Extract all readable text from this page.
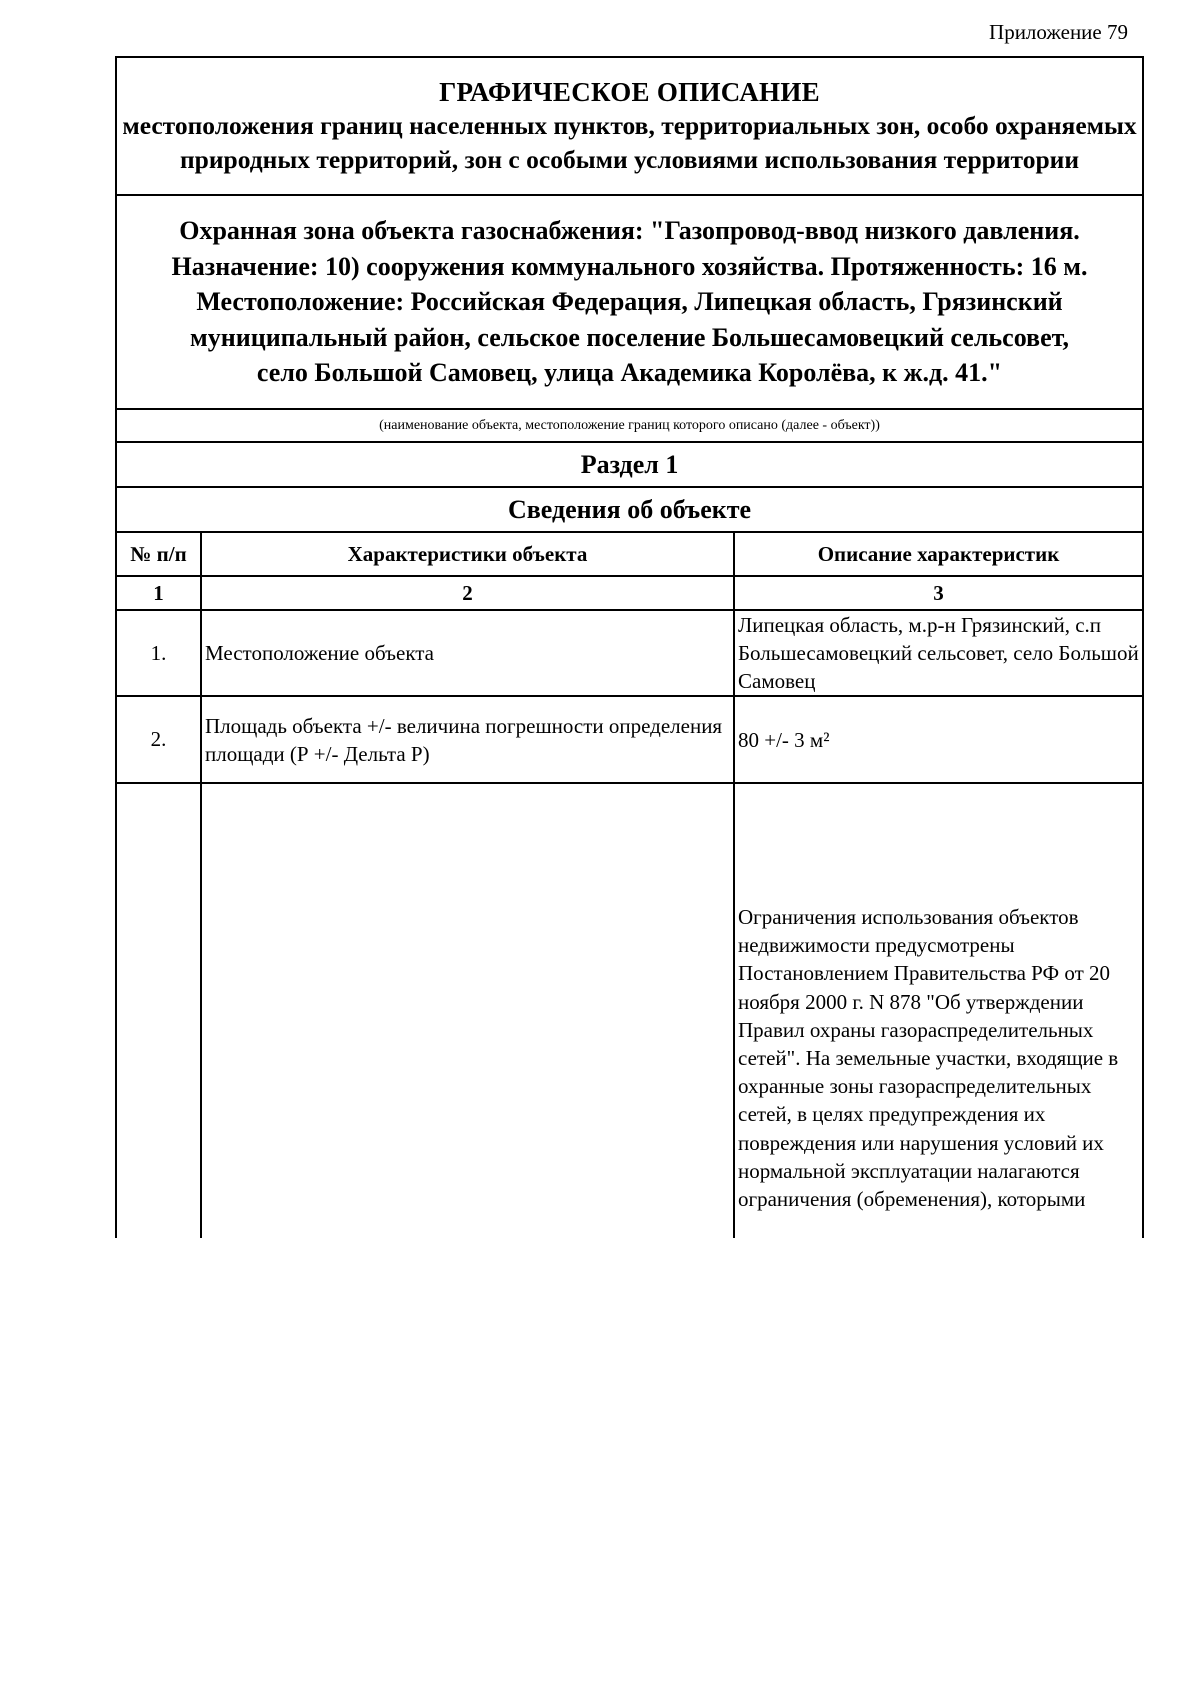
Приложение 79
ГРАФИЧЕСКОЕ ОПИСАНИЕ
местоположения границ населенных пунктов, территориальных зон, особо охраняемых природных территорий, зон с особыми условиями использования территории		

Охранная зона объекта газоснабжения: "Газопровод-ввод низкого давления.
Назначение: 10) сооружения коммунального хозяйства. Протяженность: 16 м.
Местоположение: Российская Федерация, Липецкая область, Грязинский
муниципальный район, сельское поселение Большесамовецкий сельсовет,
село Большой Самовец, улица Академика Королёва, к ж.д. 41."		

(наименование объекта, местоположение границ которого описано (далее - объект))		
Раздел 1		
Сведения об объекте		
№ п/п	Характеристики объекта	Описание характеристик
1	2	3
1.	Местоположение объекта	Липецкая область, м.р-н Грязинский, с.п Большесамовецкий сельсовет, село Большой Самовец
2.	Площадь объекта +/- величина погрешности определения площади (Р +/- Дельта Р)	80 +/- 3 м²

		Ограничения использования объектов недвижимости предусмотрены Постановлением Правительства РФ от 20 ноября 2000 г. N 878 "Об утверждении Правил охраны газораспределительных сетей". На земельные участки, входящие в охранные зоны газораспределительных сетей, в целях предупреждения их повреждения или нарушения условий их нормальной эксплуатации налагаются ограничения (обременения), которыми
